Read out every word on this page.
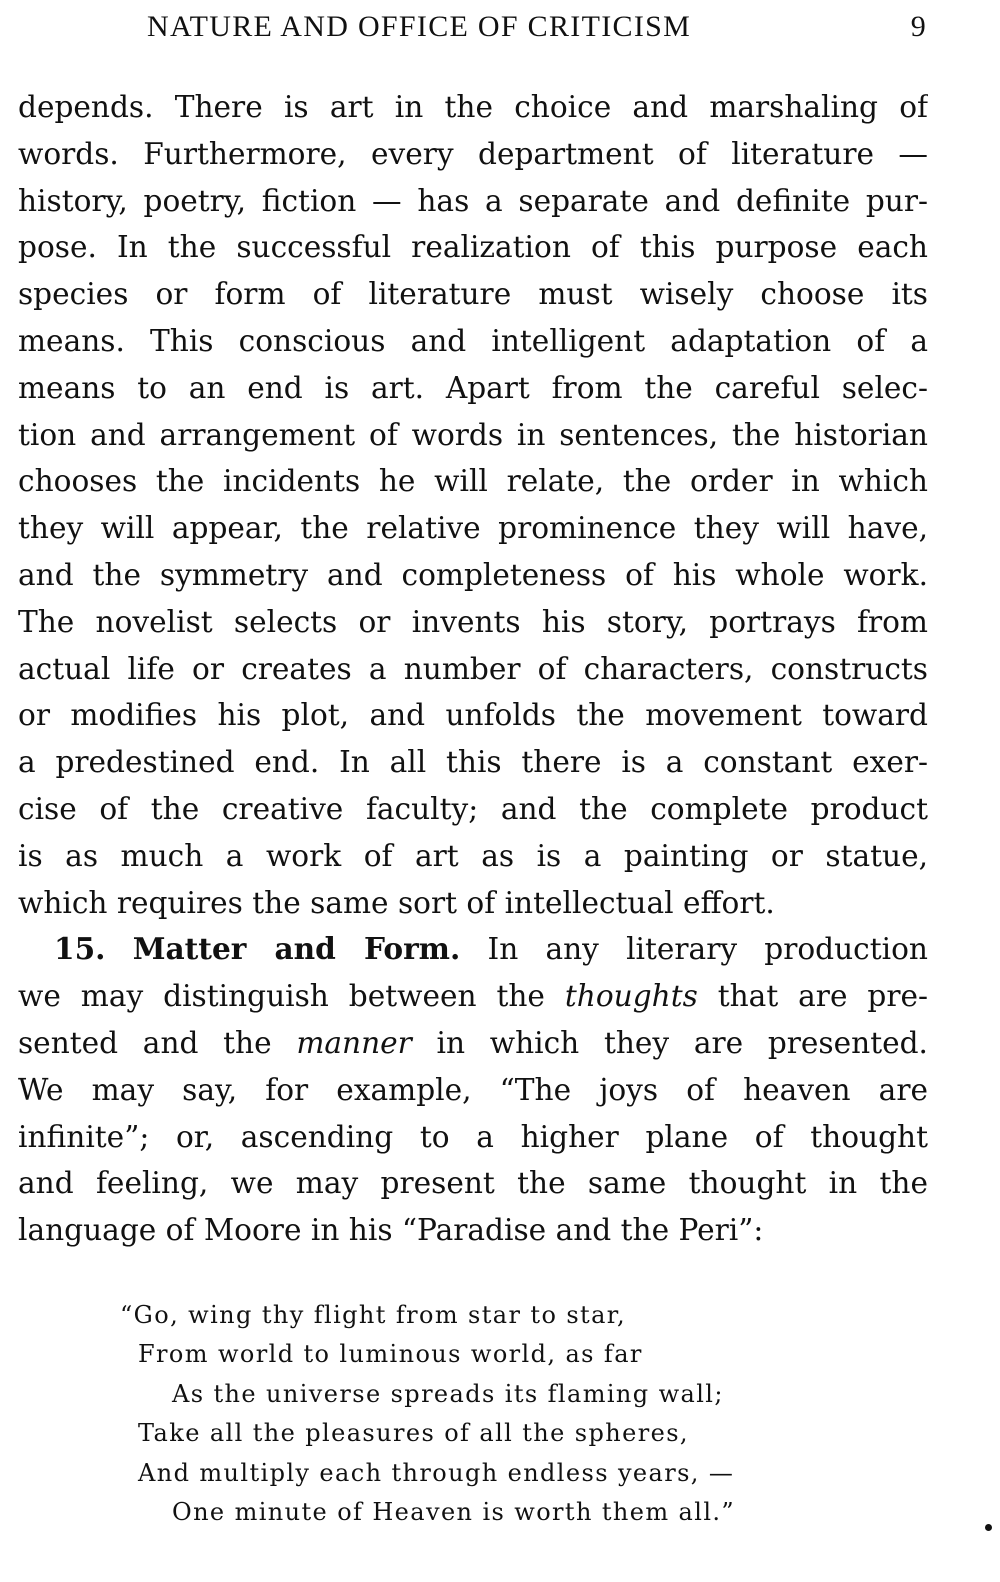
NATURE AND OFFICE OF CRITICISM	9
depends. There is art in the choice and marshaling of
words. Furthermore, every department of literature —
history, poetry, fiction — has a separate and definite pur-
pose. In the successful realization of this purpose each
species or form of literature must wisely choose its
means. This conscious and intelligent adaptation of a
means to an end is art. Apart from the careful selec-
tion and arrangement of words in sentences, the historian
chooses the incidents he will relate, the order in which
they will appear, the relative prominence they will have,
and the symmetry and completeness of his whole work.
The novelist selects or invents his story, portrays from
actual life or creates a number of characters, constructs
or modifies his plot, and unfolds the movement toward
a predestined end. In all this there is a constant exer-
cise of the creative faculty; and the complete product
is as much a work of art as is a painting or statue,
which requires the same sort of intellectual effort.
15. Matter and Form. In any literary production
we may distinguish between the thoughts that are pre-
sented and the manner in which they are presented.
We may say, for example, “The joys of heaven are
infinite”; or, ascending to a higher plane of thought
and feeling, we may present the same thought in the
language of Moore in his “Paradise and the Peri”:
“Go, wing thy flight from star to star,
From world to luminous world, as far
As the universe spreads its flaming wall;
Take all the pleasures of all the spheres,
And multiply each through endless years, —
One minute of Heaven is worth them all.”
